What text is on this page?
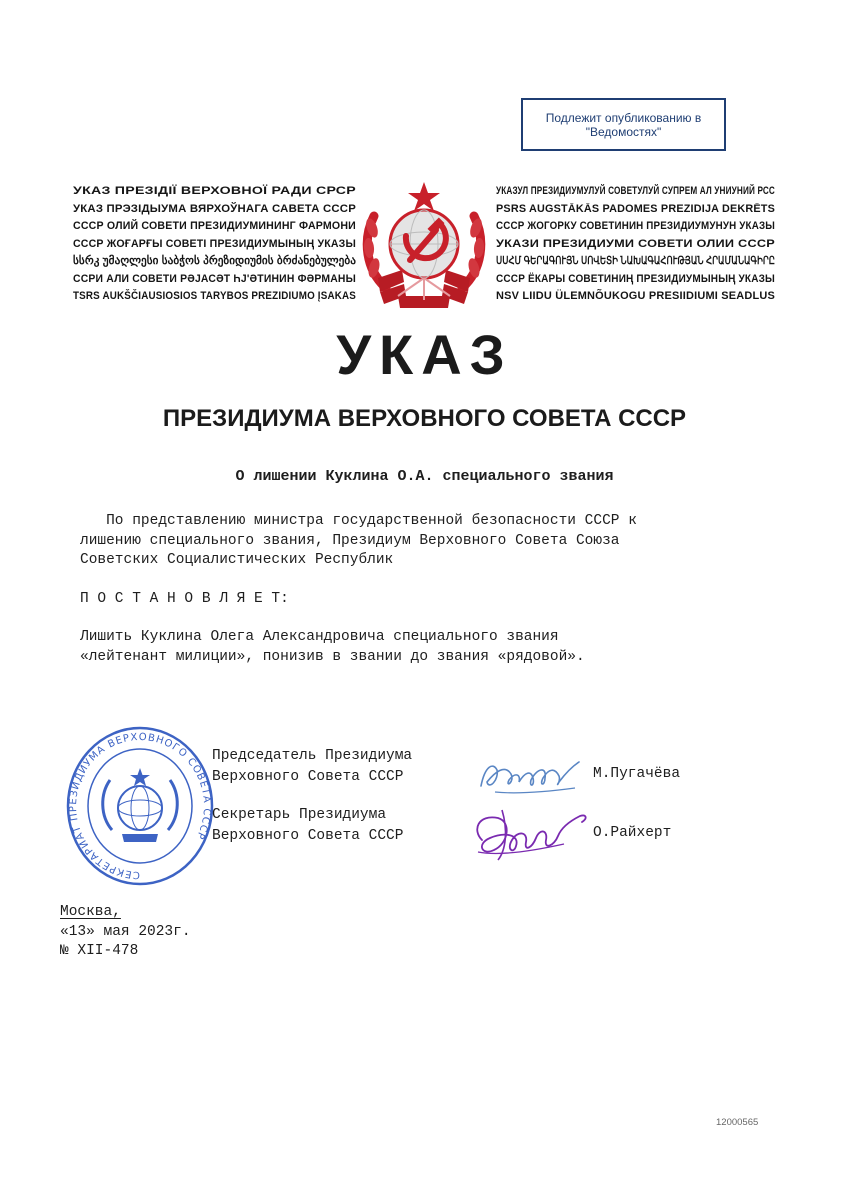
Подлежит опубликованию в
"Ведомостях"
УКАЗ ПРЕЗІДІЇ ВЕРХОВНОЇ РАДИ СРСР
УКАЗ ПРЭЗІДЫУМА ВЯРХОЎНАГА САВЕТА СССР
СССР ОЛИЙ СОВЕТИ ПРЕЗИДИУМИНИНГ ФАРМОНИ
СССР ЖОҒАРҒЫ СОВЕТІ ПРЕЗИДИУМЫНЫҢ УКАЗЫ
სსრკ უმაღლესი საბჭოს პრეზიდიუმის ბრძანებულება
ССРИ АЛИ СОВЕТИ РӘЈАСӘТ ҺЈ'ӘТИНИН ФӘРМАНЫ
TSRS AUKŠČIAUSIOSIOS TARYBOS PREZIDIUMO ĮSAKAS
УКАЗУЛ ПРЕЗИДИУМУЛУЙ СОВЕТУЛУЙ СУПРЕМ АЛ УНИУНИЙ РСС
PSRS AUGSTĀKĀS PADOMES PREZIDIJA DEKRĒTS
СССР ЖОГОРКУ СОВЕТИНИН ПРЕЗИДИУМУНУН УКАЗЫ
УКАЗИ ПРЕЗИДИУМИ СОВЕТИ ОЛИИ СССР
ՍՍՀՄ ԳԵՐԱԳՈՒՅՆ ՍՈՎԵՏԻ ՆԱԽԱԳԱՀՈՒԹՅԱՆ ՀՐԱՄԱՆԱԳԻՐԸ
СССР ЁКАРЫ СОВЕТИНИҢ ПРЕЗИДИУМЫНЫҢ УКАЗЫ
NSV LIIDU ÜLEMNÕUKOGU PRESIIDIUMI SEADLUS
УКАЗ
ПРЕЗИДИУМА ВЕРХОВНОГО СОВЕТА СССР
О лишении Куклина О.А. специального звания
По представлению министра государственной безопасности СССР к
лишению специального звания, Президиум Верховного Совета Союза
Советских Социалистических Республик
П О С Т А Н О В Л Я Е Т:
Лишить Куклина Олега Александровича специального звания
«лейтенант милиции», понизив в звании до звания «рядовой».
СЕКРЕТАРИАТ ПРЕЗИДИУМА ВЕРХОВНОГО СОВЕТА СССР
Председатель Президиума
Верховного Совета СССР	М.Пугачёва
Секретарь Президиума
Верховного Совета СССР	О.Райхерт
Москва,
«13» мая 2023г.
№ XII-478
12000565
